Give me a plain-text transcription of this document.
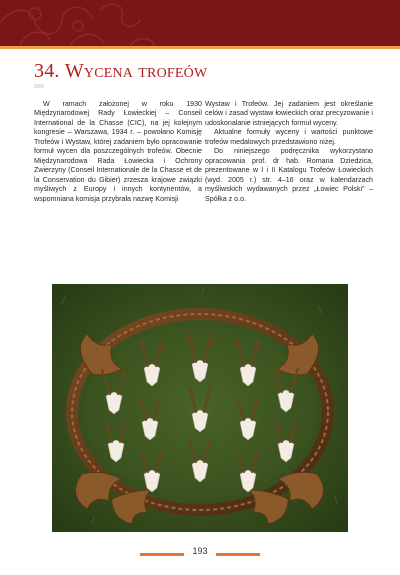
34. Wycena trofeów

W ramach założonej w roku 1930 Międzynarodowej Rady Łowieckiej – Conseil International de la Chasse (CIC), na jej kolejnym kongresie – Warszawa, 1934 r. – powołano Komisję Trofeów i Wystaw, której zadaniem było opracowanie formuł wycen dla poszczególnych trofeów. Obecnie Międzynarodowa Rada Łowiecka i Ochrony Zwierzyny (Conseil Internationale de la Chasse et de la Conservation du Gibier) zrzesza krajowe związki myśliwych z Europy i innych kontynentów, a wspomniana komisja przybrała nazwę Komisji

Wystaw i Trofeów. Jej zadaniem jest określanie celów i zasad wystaw łowieckich oraz precyzowanie i udoskonalanie istniejących formuł wyceny.

Aktualne formuły wyceny i wartości punktowe trofeów medalowych przedstawiono niżej.

Do niniejszego podręcznika wykorzystano opracowania prof. dr hab. Romana Dziedzica, prezentowane w I i II Katalogu Trofeów Łowieckich (wyd. 2005 r.) str. 4–16 oraz w kalendarzach myśliwskich wydawanych przez „Łowiec Polski” – Spółka z o.o.

193
